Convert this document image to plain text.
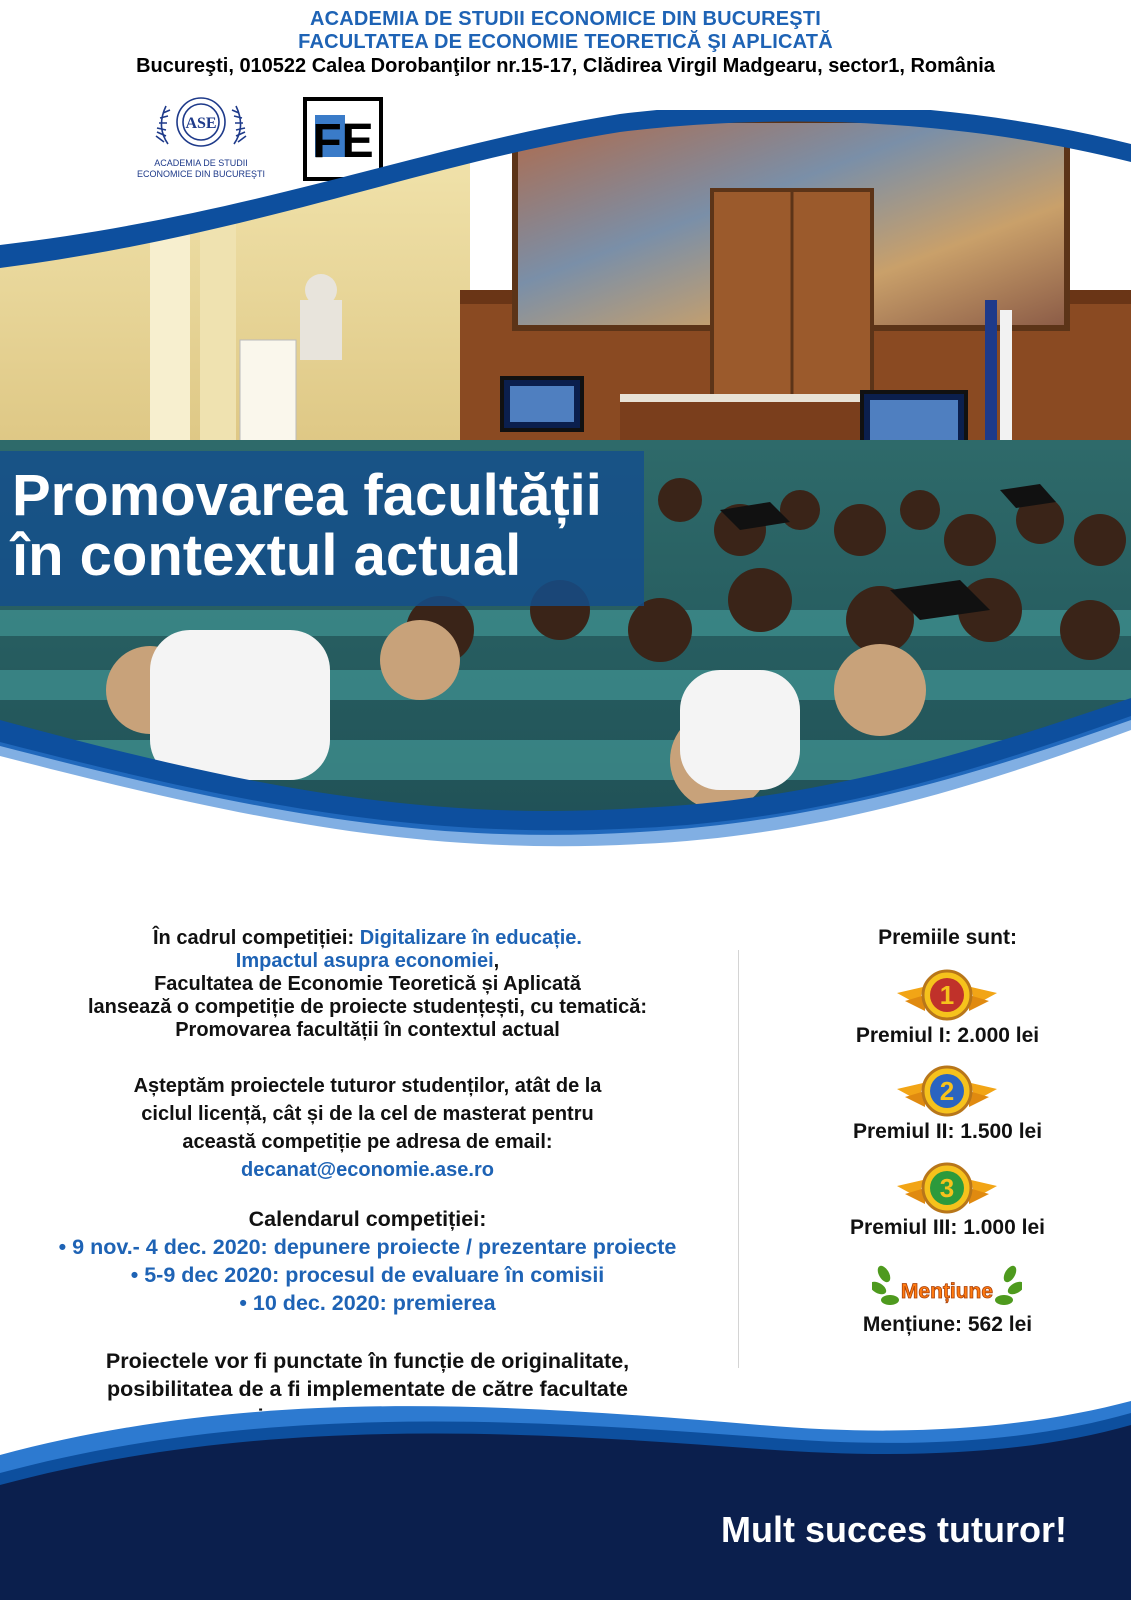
ACADEMIA DE STUDII ECONOMICE DIN BUCUREŞTI
FACULTATEA DE ECONOMIE TEORETICĂ ŞI APLICATĂ
Bucureşti, 010522 Calea Dorobanţilor nr.15-17, Clădirea Virgil Madgearu, sector1, România
ASE
ACADEMIA DE STUDII
ECONOMICE DIN BUCUREŞTI
FE
Promovarea facultății
în contextul actual
În cadrul competiției: Digitalizare în educație.
Impactul asupra economiei,
Facultatea de Economie Teoretică și Aplicată
lansează o competiție de proiecte studențești, cu tematică:
Promovarea facultății în contextul actual
Așteptăm proiectele tuturor studenților, atât de la
ciclul licență, cât și de la cel de masterat pentru
această competiție pe adresa de email:
decanat@economie.ase.ro
Calendarul competiției:
• 9 nov.- 4 dec. 2020: depunere proiecte / prezentare proiecte
• 5-9 dec 2020: procesul de evaluare în comisii
• 10 dec. 2020: premierea
Proiectele vor fi punctate în funcție de originalitate,
posibilitatea de a fi implementate de către facultate
Premiile sunt:
1
Premiul I: 2.000 lei
2
Premiul II: 1.500 lei
3
Premiul III: 1.000 lei
Mențiune
Mențiune: 562 lei
Mult succes tuturor!
